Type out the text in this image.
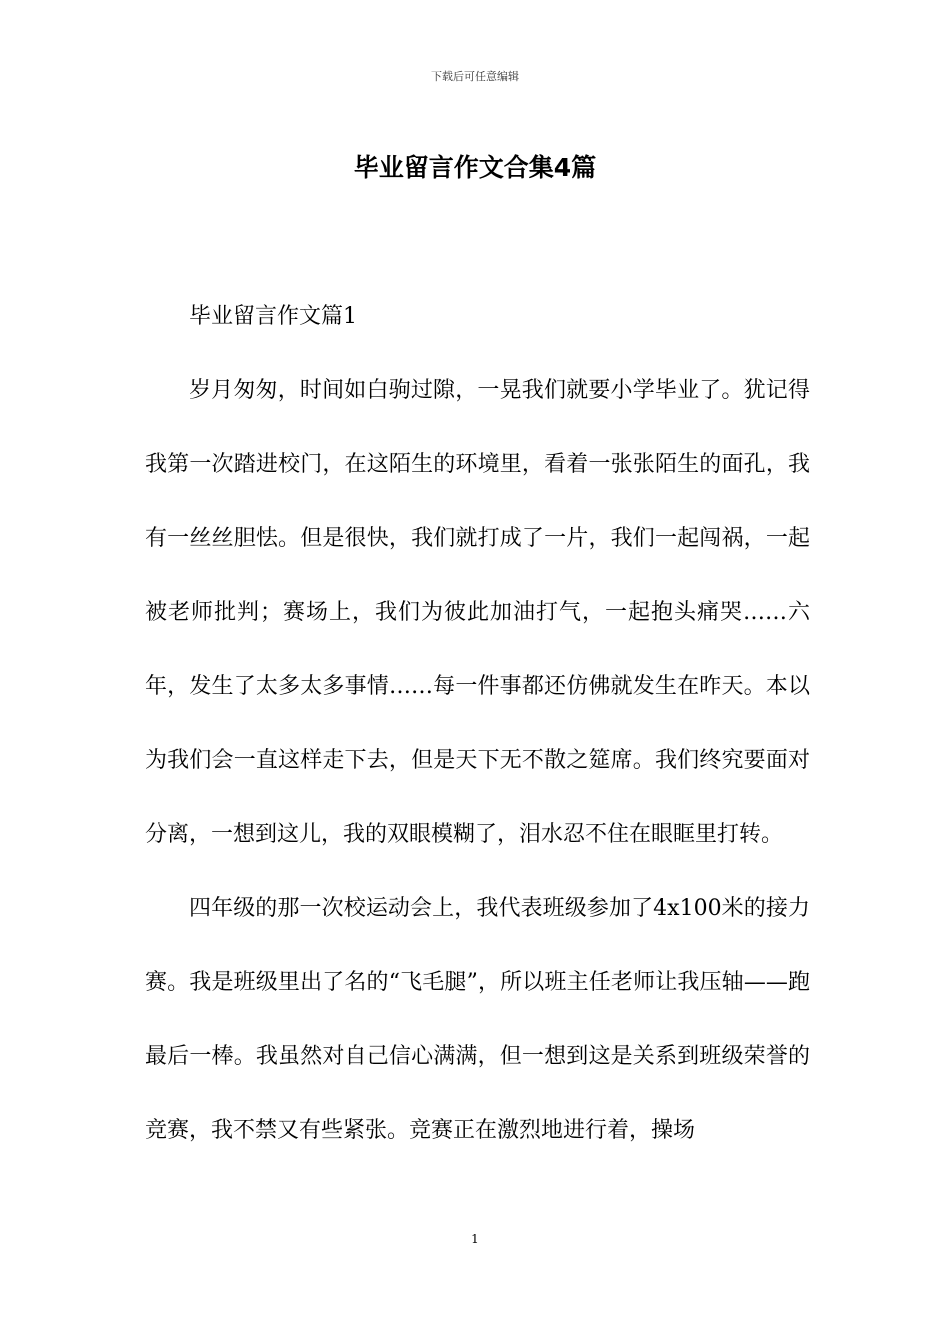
下载后可任意编辑
毕业留言作文合集4篇

毕业留言作文篇1

岁月匆匆，时间如白驹过隙，一晃我们就要小学毕业了。犹记得我第一次踏进校门，在这陌生的环境里，看着一张张陌生的面孔，我有一丝丝胆怯。但是很快，我们就打成了一片，我们一起闯祸，一起被老师批判；赛场上，我们为彼此加油打气，一起抱头痛哭……六年，发生了太多太多事情……每一件事都还仿佛就发生在昨天。本以为我们会一直这样走下去，但是天下无不散之筵席。我们终究要面对分离，一想到这儿，我的双眼模糊了，泪水忍不住在眼眶里打转。

四年级的那一次校运动会上，我代表班级参加了4x100米的接力赛。我是班级里出了名的“飞毛腿”，所以班主任老师让我压轴——跑最后一棒。我虽然对自己信心满满，但一想到这是关系到班级荣誉的竞赛，我不禁又有些紧张。竞赛正在激烈地进行着，操场

1
